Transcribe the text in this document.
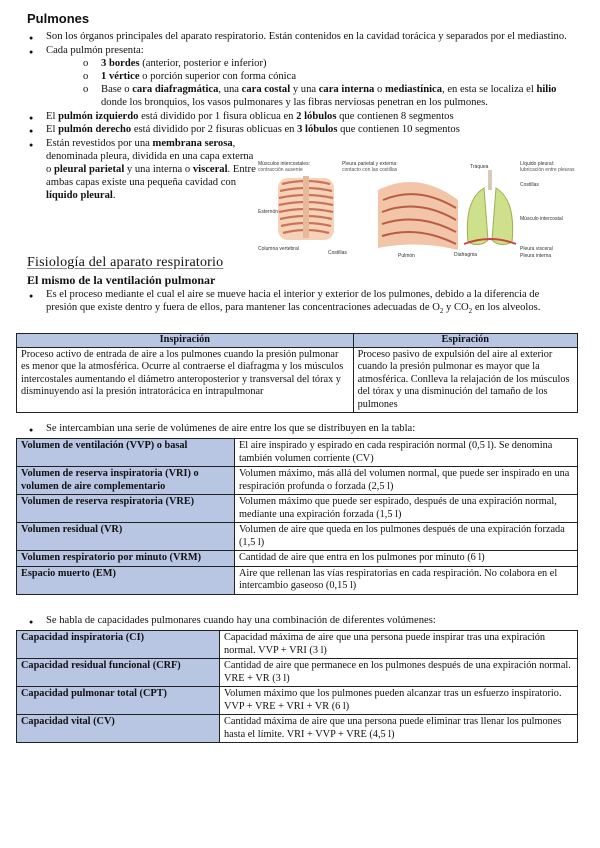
Pulmones
● Son los órganos principales del aparato respiratorio. Están contenidos en la cavidad torácica y separados por el mediastino.
● Cada pulmón presenta:
o 3 bordes (anterior, posterior e inferior)
o 1 vértice o porción superior con forma cónica
o Base o cara diafragmática, una cara costal y una cara interna o mediastínica, en esta se localiza el hilio donde los bronquios, los vasos pulmonares y las fibras nerviosas penetran en los pulmones.
● El pulmón izquierdo está dividido por 1 fisura oblicua en 2 lóbulos que contienen 8 segmentos
● El pulmón derecho está dividido por 2 fisuras oblicuas en 3 lóbulos que contienen 10 segmentos
● Están revestidos por una membrana serosa, denominada pleura, dividida en una capa externa o pleural parietal y una interna o visceral. Entre ambas capas existe una pequeña cavidad con líquido pleural.
Músculos intercostales:
contracción ausente
Esternón
Columna vertebral
Costillas
Pleura parietal y externa:
contacto con las costillas
Pulmón
Tráquea	Líquido pleural:
lubricación entre pleuras
Costillas
Músculo intercostal
Diafragma
Pleura visceral
Pleura interna
Fisiología del aparato respiratorio
El mismo de la ventilación pulmonar
● Es el proceso mediante el cual el aire se mueve hacia el interior y exterior de los pulmones, debido a la diferencia de presión que existe dentro y fuera de ellos, para mantener las concentraciones adecuadas de $O_2$ y $CO_2$ en los alveolos.
Inspiración	Espiración
Proceso activo de entrada de aire a los pulmones cuando la presión pulmonar es menor que la atmosférica. Ocurre al contraerse el diafragma y los músculos intercostales aumentando el diámetro anteroposterior y transversal del tórax y disminuyendo así la presión intratorácica en intrapulmonar	Proceso pasivo de expulsión del aire al exterior cuando la presión pulmonar es mayor que la atmosférica. Conlleva la relajación de los músculos del tórax y una disminución del tamaño de los pulmones
● Se intercambian una serie de volúmenes de aire entre los que se distribuyen en la tabla:
Volumen de ventilación (VVP) o basal	El aire inspirado y espirado en cada respiración normal (0,5 l). Se denomina también volumen corriente (CV)
Volumen de reserva inspiratoria (VRI) o volumen de aire complementario	Volumen máximo, más allá del volumen normal, que puede ser inspirado en una respiración profunda o forzada (2,5 l)
Volumen de reserva respiratoria (VRE)	Volumen máximo que puede ser espirado, después de una expiración normal, mediante una expiración forzada (1,5 l)
Volumen residual (VR)	Volumen de aire que queda en los pulmones después de una expiración forzada (1,5 l)
Volumen respiratorio por minuto (VRM)	Cantidad de aire que entra en los pulmones por minuto (6 l)
Espacio muerto (EM)	Aire que rellenan las vías respiratorias en cada respiración. No colabora en el intercambio gaseoso (0,15 l)
● Se habla de capacidades pulmonares cuando hay una combinación de diferentes volúmenes:
Capacidad inspiratoria (CI)	Capacidad máxima de aire que una persona puede inspirar tras una expiración normal. VVP + VRI (3 l)
Capacidad residual funcional (CRF)	Cantidad de aire que permanece en los pulmones después de una expiración normal. VRE + VR (3 l)
Capacidad pulmonar total (CPT)	Volumen máximo que los pulmones pueden alcanzar tras un esfuerzo inspiratorio. VVP + VRE + VRI + VR (6 l)
Capacidad vital (CV)	Cantidad máxima de aire que una persona puede eliminar tras llenar los pulmones hasta el límite. VRI + VVP + VRE (4,5 l)
